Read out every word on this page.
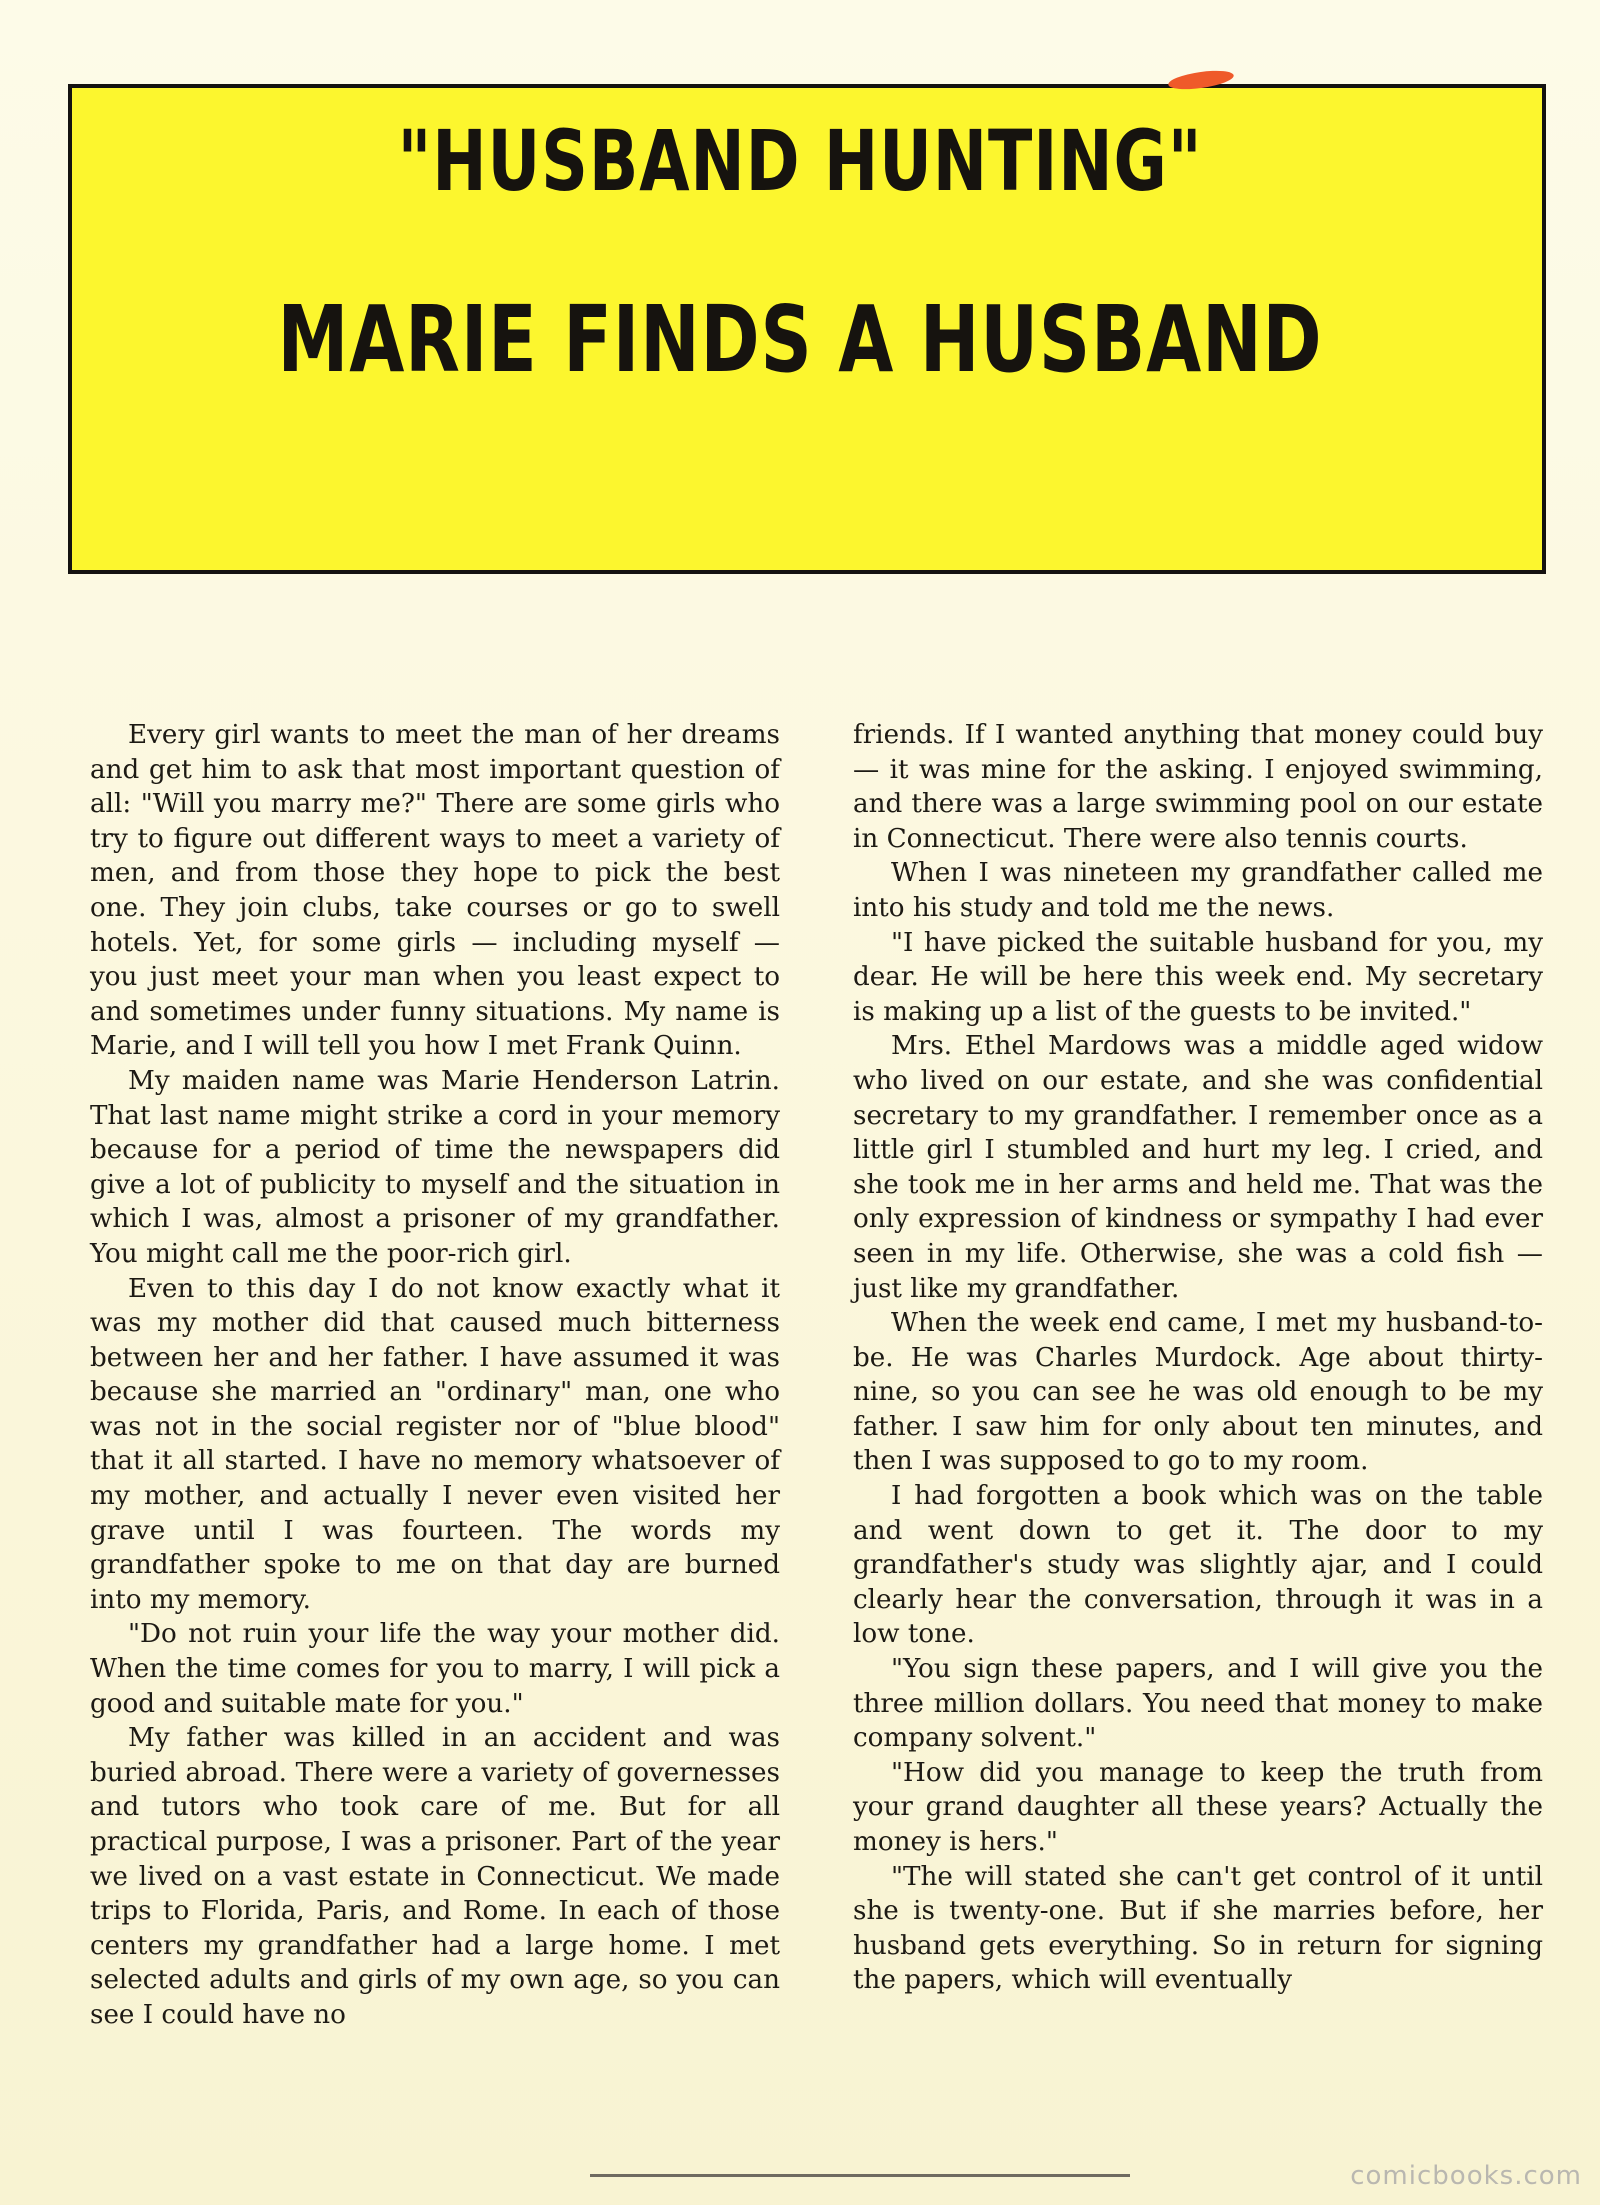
"HUSBAND HUNTING"
MARIE FINDS A HUSBAND

Every girl wants to meet the man of her dreams and get him to ask that most important question of all: "Will you marry me?" There are some girls who try to figure out different ways to meet a variety of men, and from those they hope to pick the best one. They join clubs, take courses or go to swell hotels. Yet, for some girls — including myself — you just meet your man when you least expect to and sometimes under funny situations. My name is Marie, and I will tell you how I met Frank Quinn.

My maiden name was Marie Henderson Latrin. That last name might strike a cord in your memory because for a period of time the newspapers did give a lot of publicity to myself and the situation in which I was, almost a prisoner of my grandfather. You might call me the poor-rich girl.

Even to this day I do not know exactly what it was my mother did that caused much bitterness between her and her father. I have assumed it was because she married an "ordinary" man, one who was not in the social register nor of "blue blood" that it all started. I have no memory whatsoever of my mother, and actually I never even visited her grave until I was fourteen. The words my grandfather spoke to me on that day are burned into my memory.

"Do not ruin your life the way your mother did. When the time comes for you to marry, I will pick a good and suitable mate for you."

My father was killed in an accident and was buried abroad. There were a variety of governesses and tutors who took care of me. But for all practical purpose, I was a prisoner. Part of the year we lived on a vast estate in Connecticut. We made trips to Florida, Paris, and Rome. In each of those centers my grandfather had a large home. I met selected adults and girls of my own age, so you can see I could have no

friends. If I wanted anything that money could buy — it was mine for the asking. I enjoyed swimming, and there was a large swimming pool on our estate in Connecticut. There were also tennis courts.

When I was nineteen my grandfather called me into his study and told me the news.

"I have picked the suitable husband for you, my dear. He will be here this week end. My secretary is making up a list of the guests to be invited."

Mrs. Ethel Mardows was a middle aged widow who lived on our estate, and she was confidential secretary to my grandfather. I remember once as a little girl I stumbled and hurt my leg. I cried, and she took me in her arms and held me. That was the only expression of kindness or sympathy I had ever seen in my life. Otherwise, she was a cold fish — just like my grandfather.

When the week end came, I met my husband-to-be. He was Charles Murdock. Age about thirty-nine, so you can see he was old enough to be my father. I saw him for only about ten minutes, and then I was supposed to go to my room.

I had forgotten a book which was on the table and went down to get it. The door to my grandfather's study was slightly ajar, and I could clearly hear the conversation, through it was in a low tone.

"You sign these papers, and I will give you the three million dollars. You need that money to make company solvent."

"How did you manage to keep the truth from your grand daughter all these years? Actually the money is hers."

"The will stated she can't get control of it until she is twenty-one. But if she marries before, her husband gets everything. So in return for signing the papers, which will eventually

comicbooks.com
